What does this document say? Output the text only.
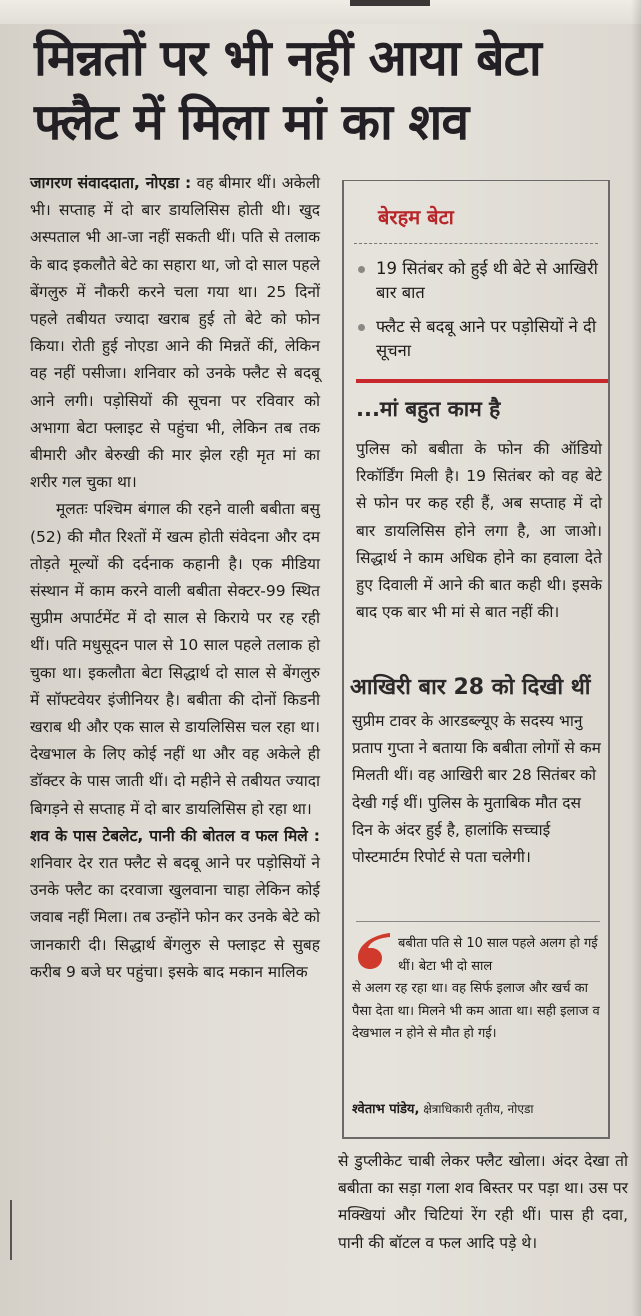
मिन्नतों पर भी नहीं आया बेटा
फ्लैट में मिला मां का शव

जागरण संवाददाता, नोएडा : वह बीमार थीं। अकेली भी। सप्ताह में दो बार डायलिसिस होती थी। खुद अस्पताल भी आ-जा नहीं सकती थीं। पति से तलाक के बाद इकलौते बेटे का सहारा था, जो दो साल पहले बेंगलुरु में नौकरी करने चला गया था। 25 दिनों पहले तबीयत ज्यादा खराब हुई तो बेटे को फोन किया। रोती हुई नोएडा आने की मिन्नतें कीं, लेकिन वह नहीं पसीजा। शनिवार को उनके फ्लैट से बदबू आने लगी। पड़ोसियों की सूचना पर रविवार को अभागा बेटा फ्लाइट से पहुंचा भी, लेकिन तब तक बीमारी और बेरुखी की मार झेल रही मृत मां का शरीर गल चुका था।

मूलतः पश्चिम बंगाल की रहने वाली बबीता बसु (52) की मौत रिश्तों में खत्म होती संवेदना और दम तोड़ते मूल्यों की दर्दनाक कहानी है। एक मीडिया संस्थान में काम करने वाली बबीता सेक्टर-99 स्थित सुप्रीम अपार्टमेंट में दो साल से किराये पर रह रही थीं। पति मधुसूदन पाल से 10 साल पहले तलाक हो चुका था। इकलौता बेटा सिद्धार्थ दो साल से बेंगलुरु में सॉफ्टवेयर इंजीनियर है। बबीता की दोनों किडनी खराब थी और एक साल से डायलिसिस चल रहा था। देखभाल के लिए कोई नहीं था और वह अकेले ही डॉक्टर के पास जाती थीं। दो महीने से तबीयत ज्यादा बिगड़ने से सप्ताह में दो बार डायलिसिस हो रहा था।

शव के पास टेबलेट, पानी की बोतल व फल मिले : शनिवार देर रात फ्लैट से बदबू आने पर पड़ोसियों ने उनके फ्लैट का दरवाजा खुलवाना चाहा लेकिन कोई जवाब नहीं मिला। तब उन्होंने फोन कर उनके बेटे को जानकारी दी। सिद्धार्थ बेंगलुरु से फ्लाइट से सुबह करीब 9 बजे घर पहुंचा। इसके बाद मकान मालिक

बेरहम बेटा
19 सितंबर को हुई थी बेटे से आखिरी बार बात
फ्लैट से बदबू आने पर पड़ोसियों ने दी सूचना
...मां बहुत काम है
पुलिस को बबीता के फोन की ऑडियो रिकॉर्डिंग मिली है। 19 सितंबर को वह बेटे से फोन पर कह रही हैं, अब सप्ताह में दो बार डायलिसिस होने लगा है, आ जाओ। सिद्धार्थ ने काम अधिक होने का हवाला देते हुए दिवाली में आने की बात कही थी। इसके बाद एक बार भी मां से बात नहीं की।
आखिरी बार 28 को दिखी थीं
सुप्रीम टावर के आरडब्ल्यूए के सदस्य भानु प्रताप गुप्ता ने बताया कि बबीता लोगों से कम मिलती थीं। वह आखिरी बार 28 सितंबर को देखी गई थीं। पुलिस के मुताबिक मौत दस दिन के अंदर हुई है, हालांकि सच्चाई पोस्टमार्टम रिपोर्ट से पता चलेगी।
बबीता पति से 10 साल पहले अलग हो गई थीं। बेटा भी दो साल
से अलग रह रहा था। वह सिर्फ इलाज और खर्च का पैसा देता था। मिलने भी कम आता था। सही इलाज व देखभाल न होने से मौत हो गई।
श्वेताभ पांडेय, क्षेत्राधिकारी तृतीय, नोएडा
से डुप्लीकेट चाबी लेकर फ्लैट खोला। अंदर देखा तो बबीता का सड़ा गला शव बिस्तर पर पड़ा था। उस पर मक्खियां और चिटियां रेंग रही थीं। पास ही दवा, पानी की बॉटल व फल आदि पड़े थे।
